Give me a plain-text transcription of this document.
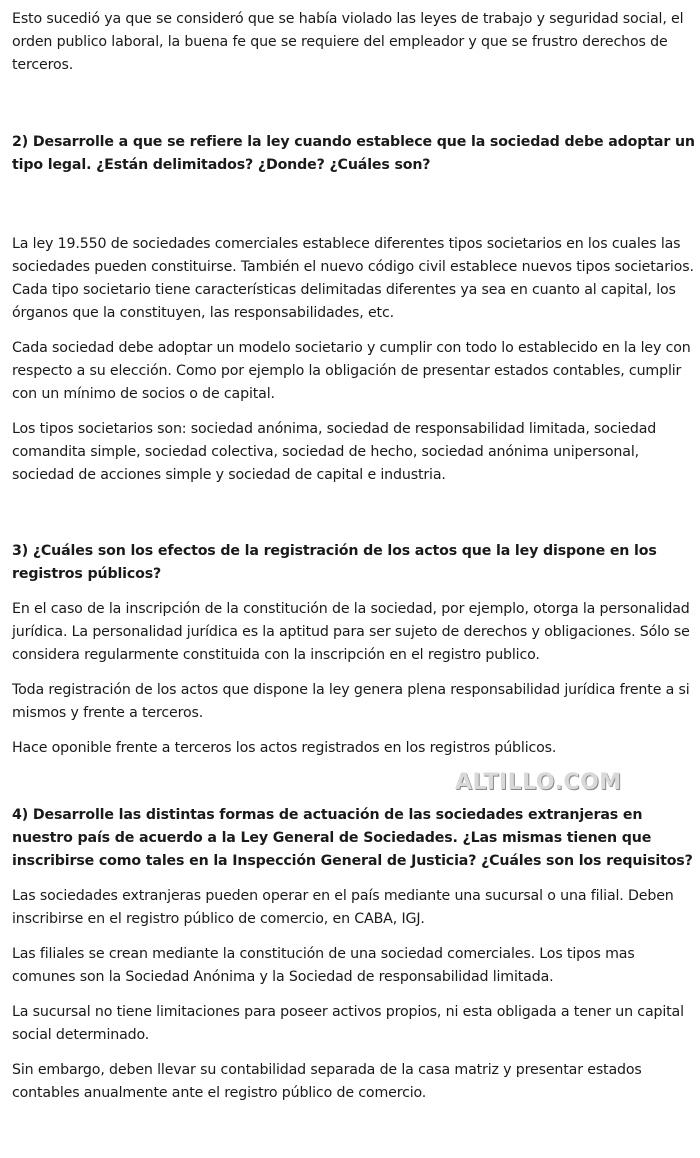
Esto sucedió ya que se consideró que se había violado las leyes de trabajo y seguridad social, el orden publico laboral, la buena fe que se requiere del empleador y que se frustro derechos de terceros.

2) Desarrolle a que se refiere la ley cuando establece que la sociedad debe adoptar un tipo legal. ¿Están delimitados? ¿Donde? ¿Cuáles son?

La ley 19.550 de sociedades comerciales establece diferentes tipos societarios en los cuales las sociedades pueden constituirse. También el nuevo código civil establece nuevos tipos societarios. Cada tipo societario tiene características delimitadas diferentes ya sea en cuanto al capital, los órganos que la constituyen, las responsabilidades, etc.

Cada sociedad debe adoptar un modelo societario y cumplir con todo lo establecido en la ley con respecto a su elección. Como por ejemplo la obligación de presentar estados contables, cumplir con un mínimo de socios o de capital.

Los tipos societarios son: sociedad anónima, sociedad de responsabilidad limitada, sociedad comandita simple, sociedad colectiva, sociedad de hecho, sociedad anónima unipersonal, sociedad de acciones simple y sociedad de capital e industria.

3) ¿Cuáles son los efectos de la registración de los actos que la ley dispone en los registros públicos?

En el caso de la inscripción de la constitución de la sociedad, por ejemplo, otorga la personalidad jurídica. La personalidad jurídica es la aptitud para ser sujeto de derechos y obligaciones. Sólo se considera regularmente constituida con la inscripción en el registro publico.

Toda registración de los actos que dispone la ley genera plena responsabilidad jurídica frente a si mismos y frente a terceros.

Hace oponible frente a terceros los actos registrados en los registros públicos.

4) Desarrolle las distintas formas de actuación de las sociedades extranjeras en nuestro país de acuerdo a la Ley General de Sociedades. ¿Las mismas tienen que inscribirse como tales en la Inspección General de Justicia? ¿Cuáles son los requisitos?

Las sociedades extranjeras pueden operar en el país mediante una sucursal o una filial. Deben inscribirse en el registro público de comercio, en CABA, IGJ.

Las filiales se crean mediante la constitución de una sociedad comerciales. Los tipos mas comunes son la Sociedad Anónima y la Sociedad de responsabilidad limitada.

La sucursal no tiene limitaciones para poseer activos propios, ni esta obligada a tener un capital social determinado.

Sin embargo, deben llevar su contabilidad separada de la casa matriz y presentar estados contables anualmente ante el registro público de comercio.

ALTILLO.COM
